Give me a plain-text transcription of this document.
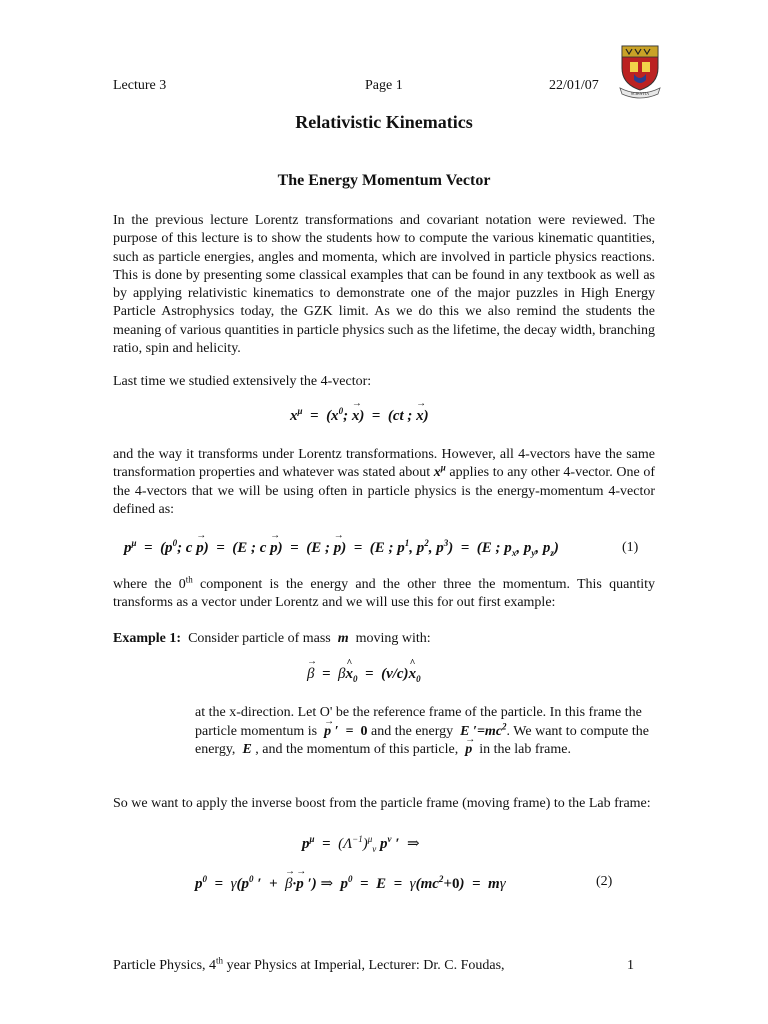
Lecture 3	Page 1	22/01/07
SCIENTIA
Relativistic Kinematics
The Energy Momentum Vector
In the previous lecture Lorentz transformations and covariant notation were reviewed. The purpose of this lecture is to show the students how to compute the various kinematic quantities, such as particle energies, angles and momenta, which are involved in particle physics reactions. This is done by presenting some classical examples that can be found in any textbook as well as by applying relativistic kinematics to demonstrate one of the major puzzles in High Energy Particle Astrophysics today, the GZK limit. As we do this we also remind the students the meaning of various quantities in particle physics such as the lifetime, the decay width, branching ratio, spin and helicity.
Last time we studied extensively the 4-vector:
$x^\mu = (x^0$; → x)  =  (ct ; → x)
and the way it transforms under Lorentz transformations. However, all 4-vectors have the same transformation properties and whatever was stated about $x^\mu$ applies to any other 4-vector. One of the 4-vectors that we will be using often in particle physics is the energy-momentum 4-vector defined as:
$p^\mu = (p^0$; c → p)  =  (E ; c → p)  =  (E ; → p)  =  (E ; $p^1$, $p^2$, $p^3) = (E$ ; $p_x$, $p_y$, $p_z$)	(1)
where the 0th component is the energy and the other three the momentum. This quantity transforms as a vector under Lorentz and we will use this for out first example:
Example 1: Consider particle of mass m moving with:
→ β  =  β^ $x_0$  =  (v/c)^ $x_0$
at the x-direction. Let O' be the reference frame of the particle. In this frame the particle momentum is → p ′  =  0 and the energy E $'=mc^2$. We want to compute the energy, E , and the momentum of this particle, → p in the lab frame.
So we want to apply the inverse boost from the particle frame (moving frame) to the Lab frame:
$p^\mu = (\Lambda^{-1})^\mu_\nu$ $p^\nu$ ′  ⇒
$p^0 = \gamma(p^0$ ′  +  → β·→ p ′) ⇒  $p^0 = E = \gamma(mc^2+0) = m\gamma$	(2)
Particle Physics, 4th year Physics at Imperial, Lecturer: Dr. C. Foudas,	1
